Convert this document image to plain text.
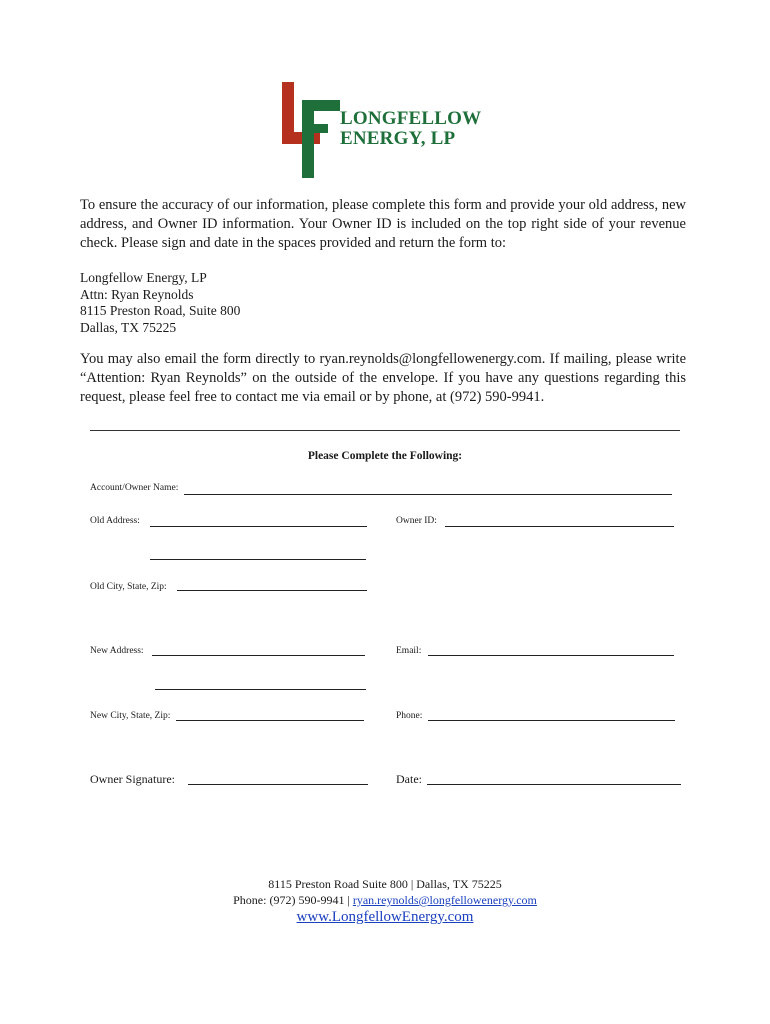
LONGFELLOW
ENERGY, LP

To ensure the accuracy of our information, please complete this form and provide your old address, new address, and Owner ID information. Your Owner ID is included on the top right side of your revenue check. Please sign and date in the spaces provided and return the form to:

Longfellow Energy, LP
Attn: Ryan Reynolds
8115 Preston Road, Suite 800
Dallas, TX 75225

You may also email the form directly to ryan.reynolds@longfellowenergy.com. If mailing, please write “Attention: Ryan Reynolds” on the outside of the envelope. If you have any questions regarding this request, please feel free to contact me via email or by phone, at (972) 590-9941.

Please Complete the Following:
Account/Owner Name:
Old Address:	Owner ID:
Old City, State, Zip:
New Address:	Email:
New City, State, Zip:	Phone:
Owner Signature:	Date:
8115 Preston Road Suite 800 | Dallas, TX 75225
Phone: (972) 590-9941 | ryan.reynolds@longfellowenergy.com
www.LongfellowEnergy.com
